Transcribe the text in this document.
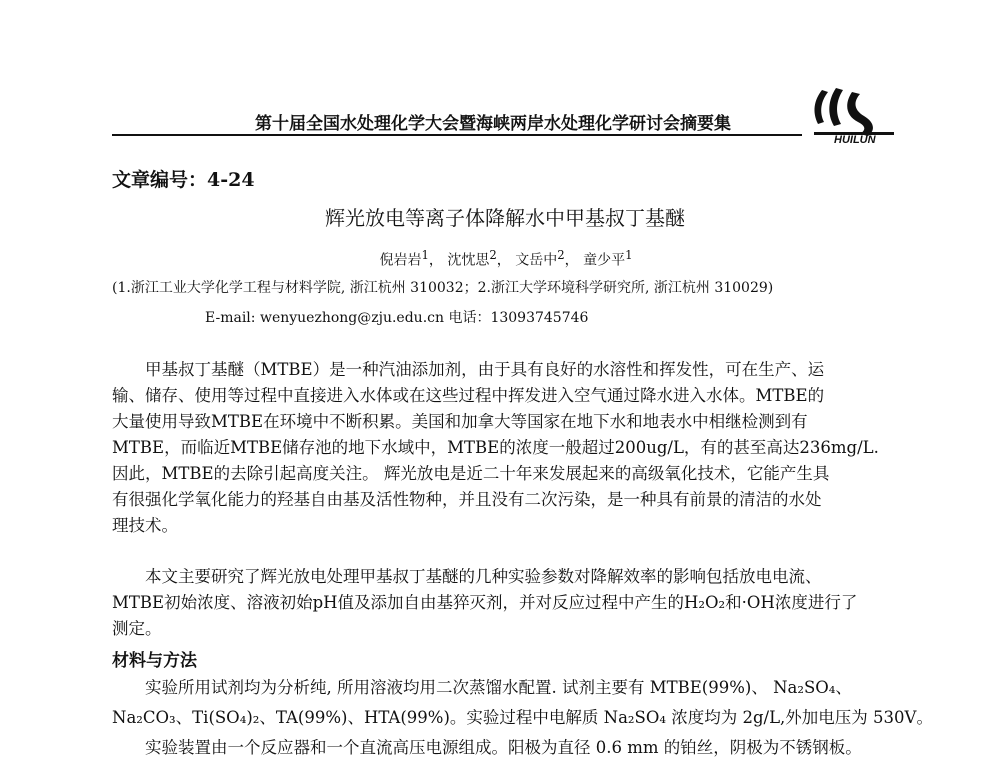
第十届全国水处理化学大会暨海峡两岸水处理化学研讨会摘要集
HUILUN
文章编号：4-24
辉光放电等离子体降解水中甲基叔丁基醚
倪岩岩$^1$， 沈忱思$^2$， 文岳中$^2$， 童少平$^1$
(1.浙江工业大学化学工程与材料学院, 浙江杭州 310032；2.浙江大学环境科学研究所, 浙江杭州 310029)
E-mail: wenyuezhong@zju.edu.cn 电话：13093745746
甲基叔丁基醚（MTBE）是一种汽油添加剂，由于具有良好的水溶性和挥发性，可在生产、运
输、储存、使用等过程中直接进入水体或在这些过程中挥发进入空气通过降水进入水体。MTBE的
大量使用导致MTBE在环境中不断积累。美国和加拿大等国家在地下水和地表水中相继检测到有
MTBE，而临近MTBE储存池的地下水域中，MTBE的浓度一般超过200ug/L，有的甚至高达236mg/L.
因此，MTBE的去除引起高度关注。 辉光放电是近二十年来发展起来的高级氧化技术，它能产生具
有很强化学氧化能力的羟基自由基及活性物种，并且没有二次污染，是一种具有前景的清洁的水处
理技术。
本文主要研究了辉光放电处理甲基叔丁基醚的几种实验参数对降解效率的影响包括放电电流、
MTBE初始浓度、溶液初始pH值及添加自由基猝灭剂，并对反应过程中产生的H₂O₂和·OH浓度进行了
测定。
材料与方法
实验所用试剂均为分析纯, 所用溶液均用二次蒸馏水配置. 试剂主要有 MTBE(99%)、 Na₂SO₄、
Na₂CO₃、Ti(SO₄)₂、TA(99%)、HTA(99%)。实验过程中电解质 Na₂SO₄ 浓度均为 2g/L,外加电压为 530V。
实验装置由一个反应器和一个直流高压电源组成。阳极为直径 0.6 mm 的铂丝，阴极为不锈钢板。
